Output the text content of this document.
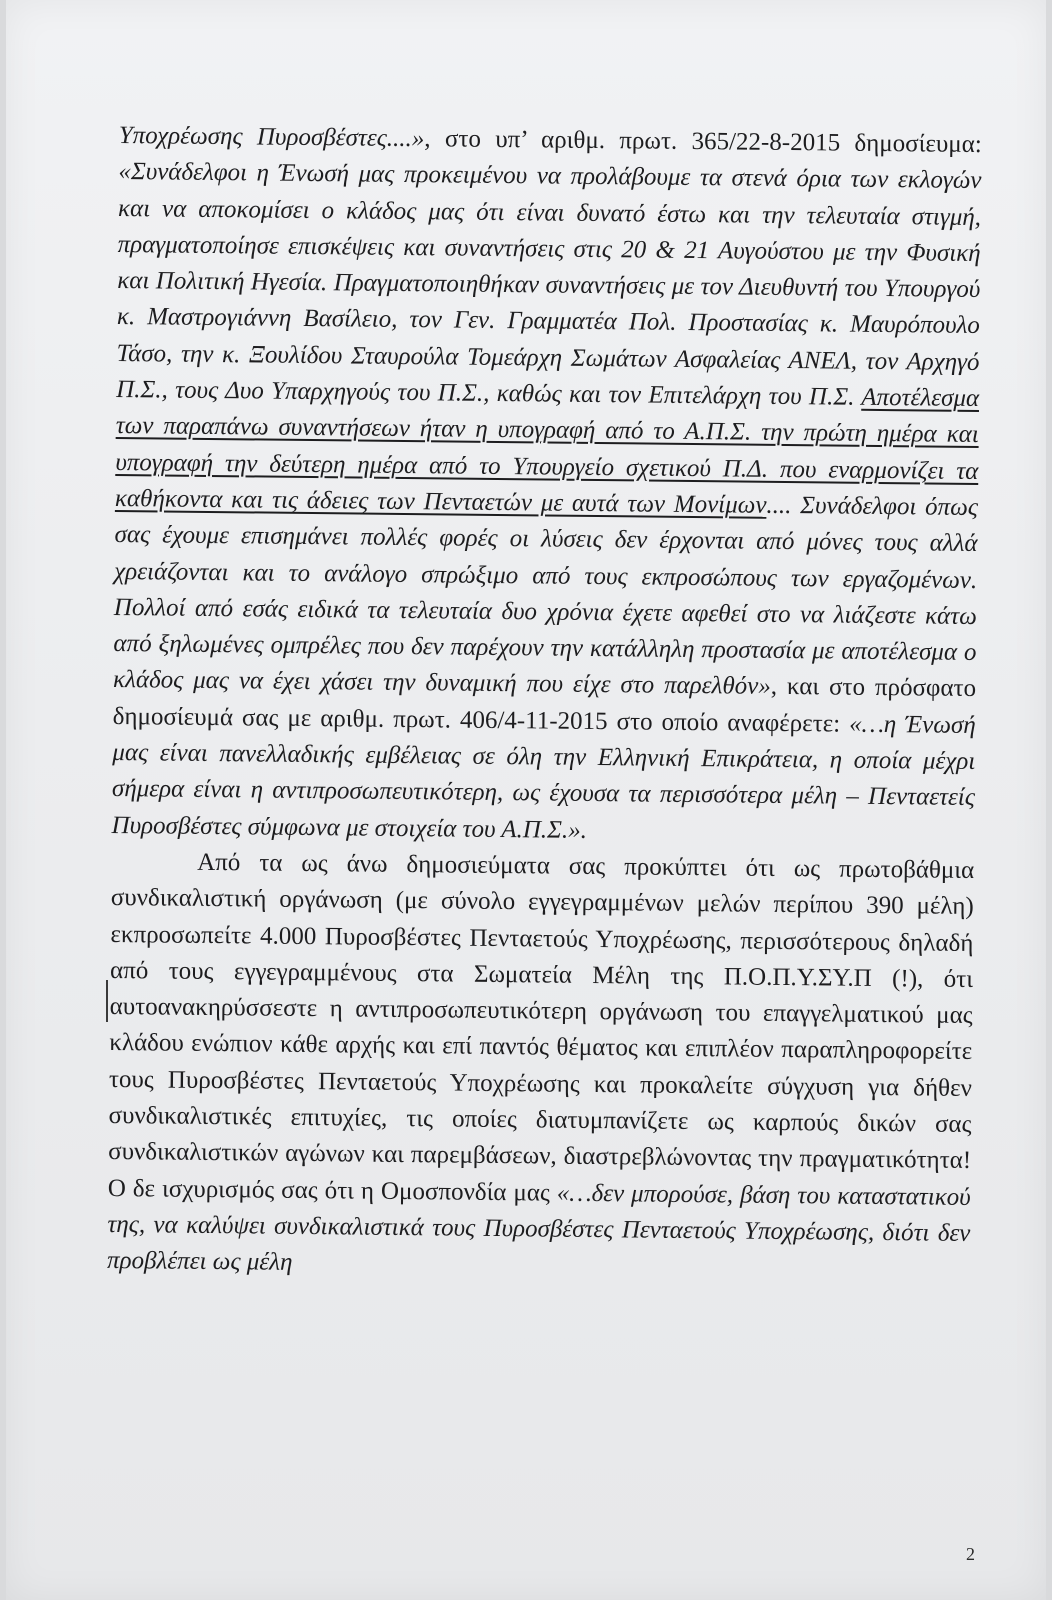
Υποχρέωσης Πυροσβέστες....», στο υπ’ αριθμ. πρωτ. 365/22-8-2015 δημοσίευμα: «Συνάδελφοι η Ένωσή μας προκειμένου να προλάβουμε τα στενά όρια των εκλογών και να αποκομίσει ο κλάδος μας ότι είναι δυνατό έστω και την τελευταία στιγμή, πραγματοποίησε επισκέψεις και συναντήσεις στις 20 & 21 Αυγούστου με την Φυσική και Πολιτική Ηγεσία. Πραγματοποιηθήκαν συναντήσεις με τον Διευθυντή του Υπουργού κ. Μαστρογιάννη Βασίλειο, τον Γεν. Γραμματέα Πολ. Προστασίας κ. Μαυρόπουλο Τάσο, την κ. Ξουλίδου Σταυρούλα Τομεάρχη Σωμάτων Ασφαλείας ΑΝΕΛ, τον Αρχηγό Π.Σ., τους Δυο Υπαρχηγούς του Π.Σ., καθώς και τον Επιτελάρχη του Π.Σ. Αποτέλεσμα των παραπάνω συναντήσεων ήταν η υπογραφή από το Α.Π.Σ. την πρώτη ημέρα και υπογραφή την δεύτερη ημέρα από το Υπουργείο σχετικού Π.Δ. που εναρμονίζει τα καθήκοντα και τις άδειες των Πενταετών με αυτά των Μονίμων.... Συνάδελφοι όπως σας έχουμε επισημάνει πολλές φορές οι λύσεις δεν έρχονται από μόνες τους αλλά χρειάζονται και το ανάλογο σπρώξιμο από τους εκπροσώπους των εργαζομένων. Πολλοί από εσάς ειδικά τα τελευταία δυο χρόνια έχετε αφεθεί στο να λιάζεστε κάτω από ξηλωμένες ομπρέλες που δεν παρέχουν την κατάλληλη προστασία με αποτέλεσμα ο κλάδος μας να έχει χάσει την δυναμική που είχε στο παρελθόν», και στο πρόσφατο δημοσίευμά σας με αριθμ. πρωτ. 406/4-11-2015 στο οποίο αναφέρετε: «…η Ένωσή μας είναι πανελλαδικής εμβέλειας σε όλη την Ελληνική Επικράτεια, η οποία μέχρι σήμερα είναι η αντιπροσωπευτικότερη, ως έχουσα τα περισσότερα μέλη – Πενταετείς Πυροσβέστες σύμφωνα με στοιχεία του Α.Π.Σ.».

Από τα ως άνω δημοσιεύματα σας προκύπτει ότι ως πρωτοβάθμια συνδικαλιστική οργάνωση (με σύνολο εγγεγραμμένων μελών περίπου 390 μέλη) εκπροσωπείτε 4.000 Πυροσβέστες Πενταετούς Υποχρέωσης, περισσότερους δηλαδή από τους εγγεγραμμένους στα Σωματεία Μέλη της Π.Ο.Π.Υ.ΣΥ.Π (!), ότι αυτοανακηρύσσεστε η αντιπροσωπευτικότερη οργάνωση του επαγγελματικού μας κλάδου ενώπιον κάθε αρχής και επί παντός θέματος και επιπλέον παραπληροφορείτε τους Πυροσβέστες Πενταετούς Υποχρέωσης και προκαλείτε σύγχυση για δήθεν συνδικαλιστικές επιτυχίες, τις οποίες διατυμπανίζετε ως καρπούς δικών σας συνδικαλιστικών αγώνων και παρεμβάσεων, διαστρεβλώνοντας την πραγματικότητα! Ο δε ισχυρισμός σας ότι η Ομοσπονδία μας «…δεν μπορούσε, βάση του καταστατικού της, να καλύψει συνδικαλιστικά τους Πυροσβέστες Πενταετούς Υποχρέωσης, διότι δεν προβλέπει ως μέλη

2
